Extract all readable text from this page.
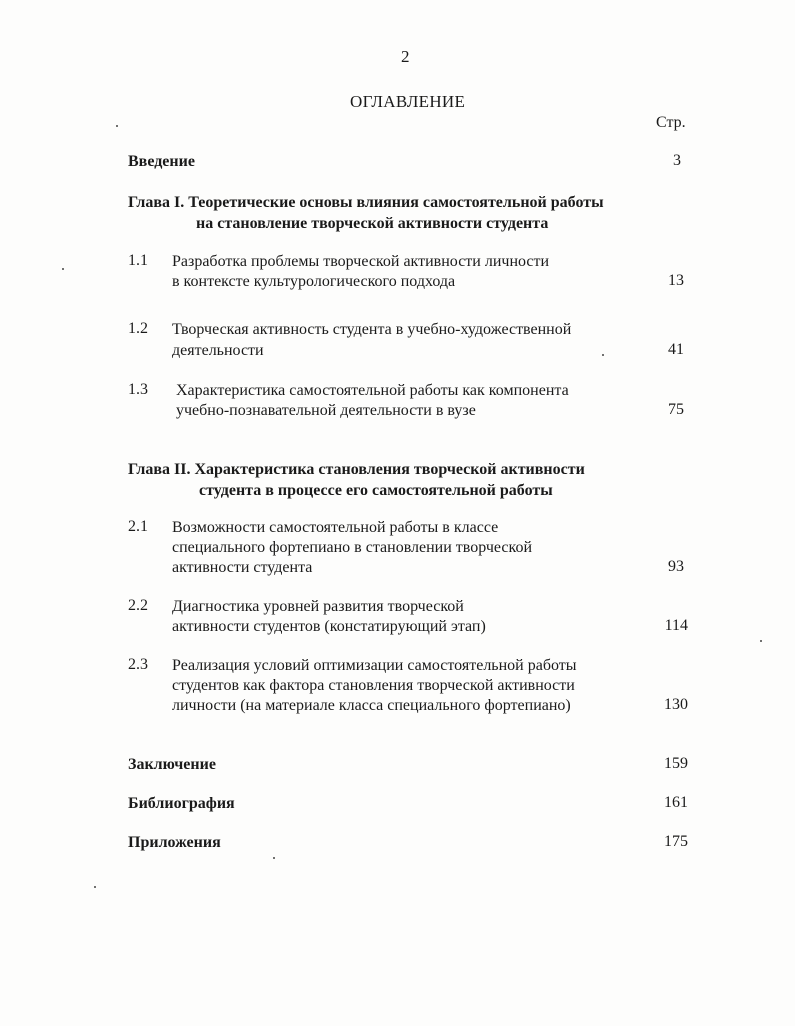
2
ОГЛАВЛЕНИЕ
Стр.
Введение	3
Глава I. Теоретические основы влияния самостоятельной работы
на становление творческой активности студента
1.1 Разработка проблемы творческой активности личности
в контексте культурологического подхода	13
1.2 Творческая активность студента в учебно-художественной
деятельности	41
1.3 Характеристика самостоятельной работы как компонента
учебно-познавательной деятельности в вузе	75
Глава II. Характеристика становления творческой активности
студента в процессе его самостоятельной работы
2.1 Возможности самостоятельной работы в классе
специального фортепиано в становлении творческой
активности студента	93
2.2 Диагностика уровней развития творческой
активности студентов (констатирующий этап)	114
2.3 Реализация условий оптимизации самостоятельной работы
студентов как фактора становления творческой активности
личности (на материале класса специального фортепиано)	130
Заключение	159
Библиография	161
Приложения	175
